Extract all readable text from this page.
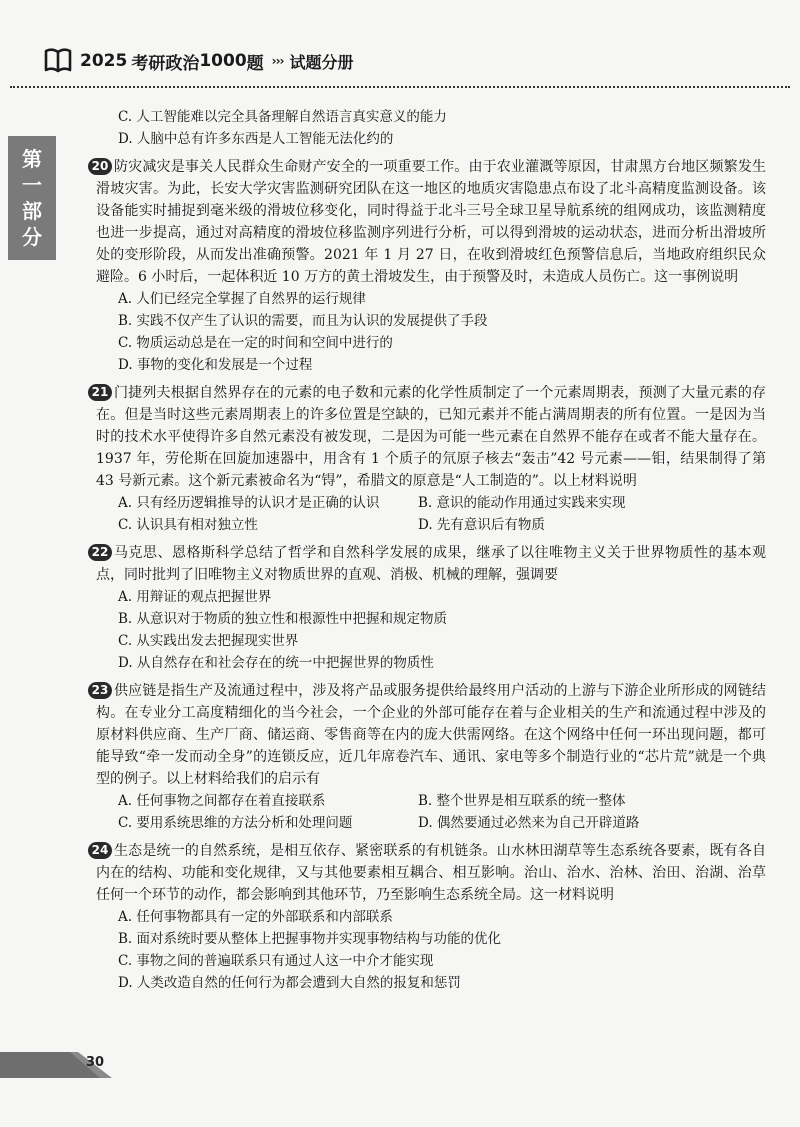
2025 考研政治 1000 题 ››› 试题分册
第
一
部
分
C. 人工智能难以完全具备理解自然语言真实意义的能力
D. 人脑中总有许多东西是人工智能无法化约的
20 防灾减灾是事关人民群众生命财产安全的一项重要工作。由于农业灌溉等原因，甘肃黑方台地区频繁发生滑坡灾害。为此，长安大学灾害监测研究团队在这一地区的地质灾害隐患点布设了北斗高精度监测设备。该设备能实时捕捉到毫米级的滑坡位移变化，同时得益于北斗三号全球卫星导航系统的组网成功，该监测精度也进一步提高，通过对高精度的滑坡位移监测序列进行分析，可以得到滑坡的运动状态，进而分析出滑坡所处的变形阶段，从而发出准确预警。2021 年 1 月 27 日，在收到滑坡红色预警信息后，当地政府组织民众避险。6 小时后，一起体积近 10 万方的黄土滑坡发生，由于预警及时，未造成人员伤亡。这一事例说明
A. 人们已经完全掌握了自然界的运行规律
B. 实践不仅产生了认识的需要，而且为认识的发展提供了手段
C. 物质运动总是在一定的时间和空间中进行的
D. 事物的变化和发展是一个过程
21 门捷列夫根据自然界存在的元素的电子数和元素的化学性质制定了一个元素周期表，预测了大量元素的存在。但是当时这些元素周期表上的许多位置是空缺的，已知元素并不能占满周期表的所有位置。一是因为当时的技术水平使得许多自然元素没有被发现，二是因为可能一些元素在自然界不能存在或者不能大量存在。1937 年，劳伦斯在回旋加速器中，用含有 1 个质子的氘原子核去“轰击”42 号元素——钼，结果制得了第 43 号新元素。这个新元素被命名为“锝”，希腊文的原意是“人工制造的”。以上材料说明
A. 只有经历逻辑推导的认识才是正确的认识	B. 意识的能动作用通过实践来实现
C. 认识具有相对独立性	D. 先有意识后有物质
22 马克思、恩格斯科学总结了哲学和自然科学发展的成果，继承了以往唯物主义关于世界物质性的基本观点，同时批判了旧唯物主义对物质世界的直观、消极、机械的理解，强调要
A. 用辩证的观点把握世界
B. 从意识对于物质的独立性和根源性中把握和规定物质
C. 从实践出发去把握现实世界
D. 从自然存在和社会存在的统一中把握世界的物质性
23 供应链是指生产及流通过程中，涉及将产品或服务提供给最终用户活动的上游与下游企业所形成的网链结构。在专业分工高度精细化的当今社会，一个企业的外部可能存在着与企业相关的生产和流通过程中涉及的原材料供应商、生产厂商、储运商、零售商等在内的庞大供需网络。在这个网络中任何一环出现问题，都可能导致“牵一发而动全身”的连锁反应，近几年席卷汽车、通讯、家电等多个制造行业的“芯片荒”就是一个典型的例子。以上材料给我们的启示有
A. 任何事物之间都存在着直接联系	B. 整个世界是相互联系的统一整体
C. 要用系统思维的方法分析和处理问题	D. 偶然要通过必然来为自己开辟道路
24 生态是统一的自然系统，是相互依存、紧密联系的有机链条。山水林田湖草等生态系统各要素，既有各自内在的结构、功能和变化规律，又与其他要素相互耦合、相互影响。治山、治水、治林、治田、治湖、治草任何一个环节的动作，都会影响到其他环节，乃至影响生态系统全局。这一材料说明
A. 任何事物都具有一定的外部联系和内部联系
B. 面对系统时要从整体上把握事物并实现事物结构与功能的优化
C. 事物之间的普遍联系只有通过人这一中介才能实现
D. 人类改造自然的任何行为都会遭到大自然的报复和惩罚
30
